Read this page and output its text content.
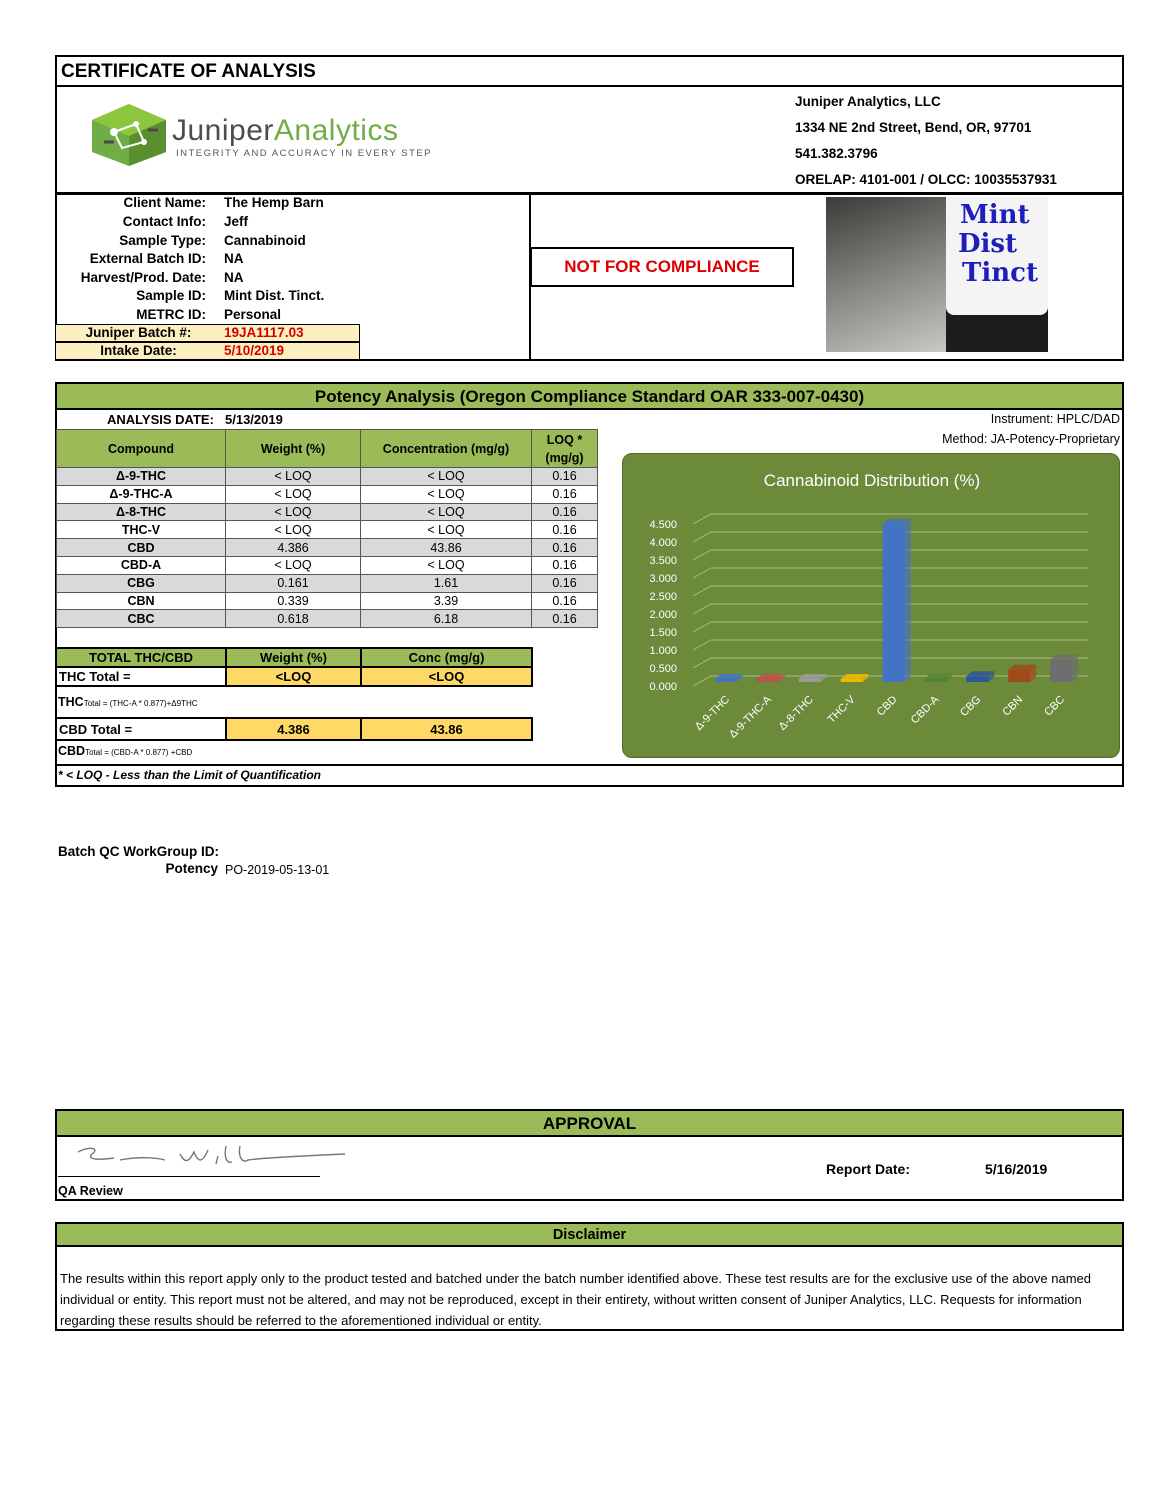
CERTIFICATE OF ANALYSIS
JuniperAnalytics
INTEGRITY AND ACCURACY IN EVERY STEP
Juniper Analytics, LLC
1334 NE 2nd Street, Bend, OR, 97701
541.382.3796
ORELAP: 4101-001 / OLCC: 10035537931
Client Name: The Hemp Barn
Contact Info: Jeff
Sample Type: Cannabinoid
External Batch ID: NA
Harvest/Prod. Date: NA
Sample ID: Mint Dist. Tinct.
METRC ID: Personal
Juniper Batch #:	19JA1117.03
Intake Date:	5/10/2019
NOT FOR COMPLIANCE
Mint
Dist
Tinct
Potency Analysis (Oregon Compliance Standard OAR 333-007-0430)
ANALYSIS DATE: 5/13/2019	Instrument: HPLC/DAD
Method: JA-Potency-Proprietary
Compound	Weight (%)	Concentration (mg/g)	LOQ *
(mg/g)
Δ-9-THC	< LOQ	< LOQ	0.16
Δ-9-THC-A	< LOQ	< LOQ	0.16
Δ-8-THC	< LOQ	< LOQ	0.16
THC-V	< LOQ	< LOQ	0.16
CBD	4.386	43.86	0.16
CBD-A	< LOQ	< LOQ	0.16
CBG	0.161	1.61	0.16
CBN	0.339	3.39	0.16
CBC	0.618	6.18	0.16
TOTAL THC/CBD	Weight (%)	Conc (mg/g)
THC Total =	<LOQ	<LOQ
THCTotal = (THC-A * 0.877)+Δ9THC
CBD Total =	4.386	43.86
CBDTotal = (CBD-A * 0.877) +CBD
* < LOQ - Less than the Limit of Quantification
Cannabinoid Distribution (%)
0.000
0.500
1.000
1.500
2.000
2.500
3.000
3.500
4.000
4.500
Δ-9-THC
Δ-9-THC-A Δ-8-THC THC-V CBD CBD-A CBG CBN CBC
Batch QC WorkGroup ID:
Potency PO-2019-05-13-01
APPROVAL
QA Review
Report Date:	5/16/2019
Disclaimer
The results within this report apply only to the product tested and batched under the batch number identified above. These test results are for the exclusive use of the above named individual or entity. This report must not be altered, and may not be reproduced, except in their entirety, without written consent of Juniper Analytics, LLC. Requests for information regarding these results should be referred to the aforementioned individual or entity.
